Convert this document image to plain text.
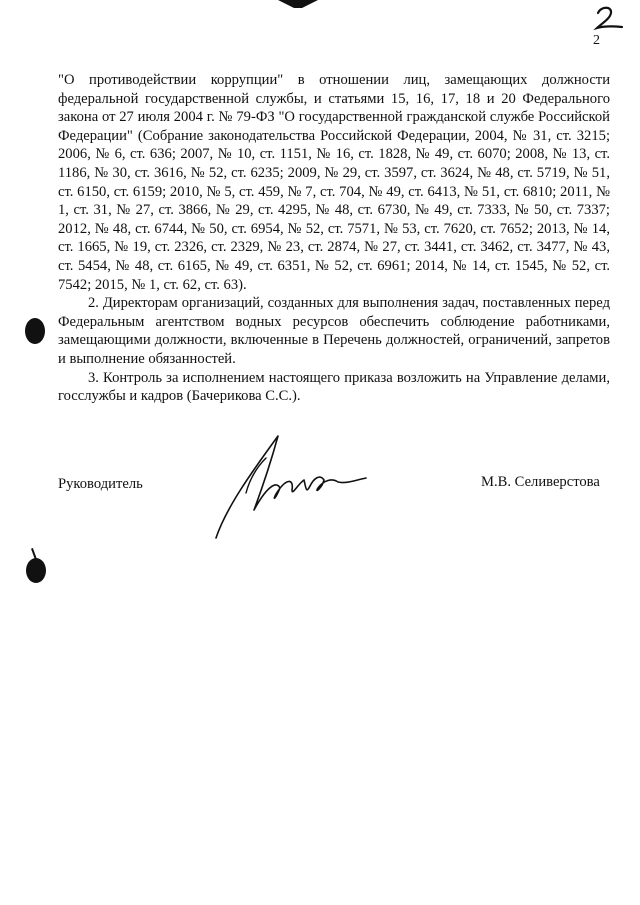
2

"О противодействии коррупции" в отношении лиц, замещающих должности федеральной государственной службы, и статьями 15, 16, 17, 18 и 20 Федерального закона от 27 июля 2004 г. № 79-ФЗ "О государственной гражданской службе Российской Федерации" (Собрание законодательства Российской Федерации, 2004, № 31, ст. 3215; 2006, № 6, ст. 636; 2007, № 10, ст. 1151, № 16, ст. 1828, № 49, ст. 6070; 2008, № 13, ст. 1186, № 30, ст. 3616, № 52, ст. 6235; 2009, № 29, ст. 3597, ст. 3624, № 48, ст. 5719, № 51, ст. 6150, ст. 6159; 2010, № 5, ст. 459, № 7, ст. 704, № 49, ст. 6413, № 51, ст. 6810; 2011, № 1, ст. 31, № 27, ст. 3866, № 29, ст. 4295, № 48, ст. 6730, № 49, ст. 7333, № 50, ст. 7337; 2012, № 48, ст. 6744, № 50, ст. 6954, № 52, ст. 7571, № 53, ст. 7620, ст. 7652; 2013, № 14, ст. 1665, № 19, ст. 2326, ст. 2329, № 23, ст. 2874, № 27, ст. 3441, ст. 3462, ст. 3477, № 43, ст. 5454, № 48, ст. 6165, № 49, ст. 6351, № 52, ст. 6961; 2014, № 14, ст. 1545, № 52, ст. 7542; 2015, № 1, ст. 62, ст. 63).

2. Директорам организаций, созданных для выполнения задач, поставленных перед Федеральным агентством водных ресурсов обеспечить соблюдение работниками, замещающими должности, включенные в Перечень должностей, ограничений, запретов и выполнение обязанностей.

3. Контроль за исполнением настоящего приказа возложить на Управление делами, госслужбы и кадров (Бачерикова С.С.).

Руководитель	М.В. Селиверстова
